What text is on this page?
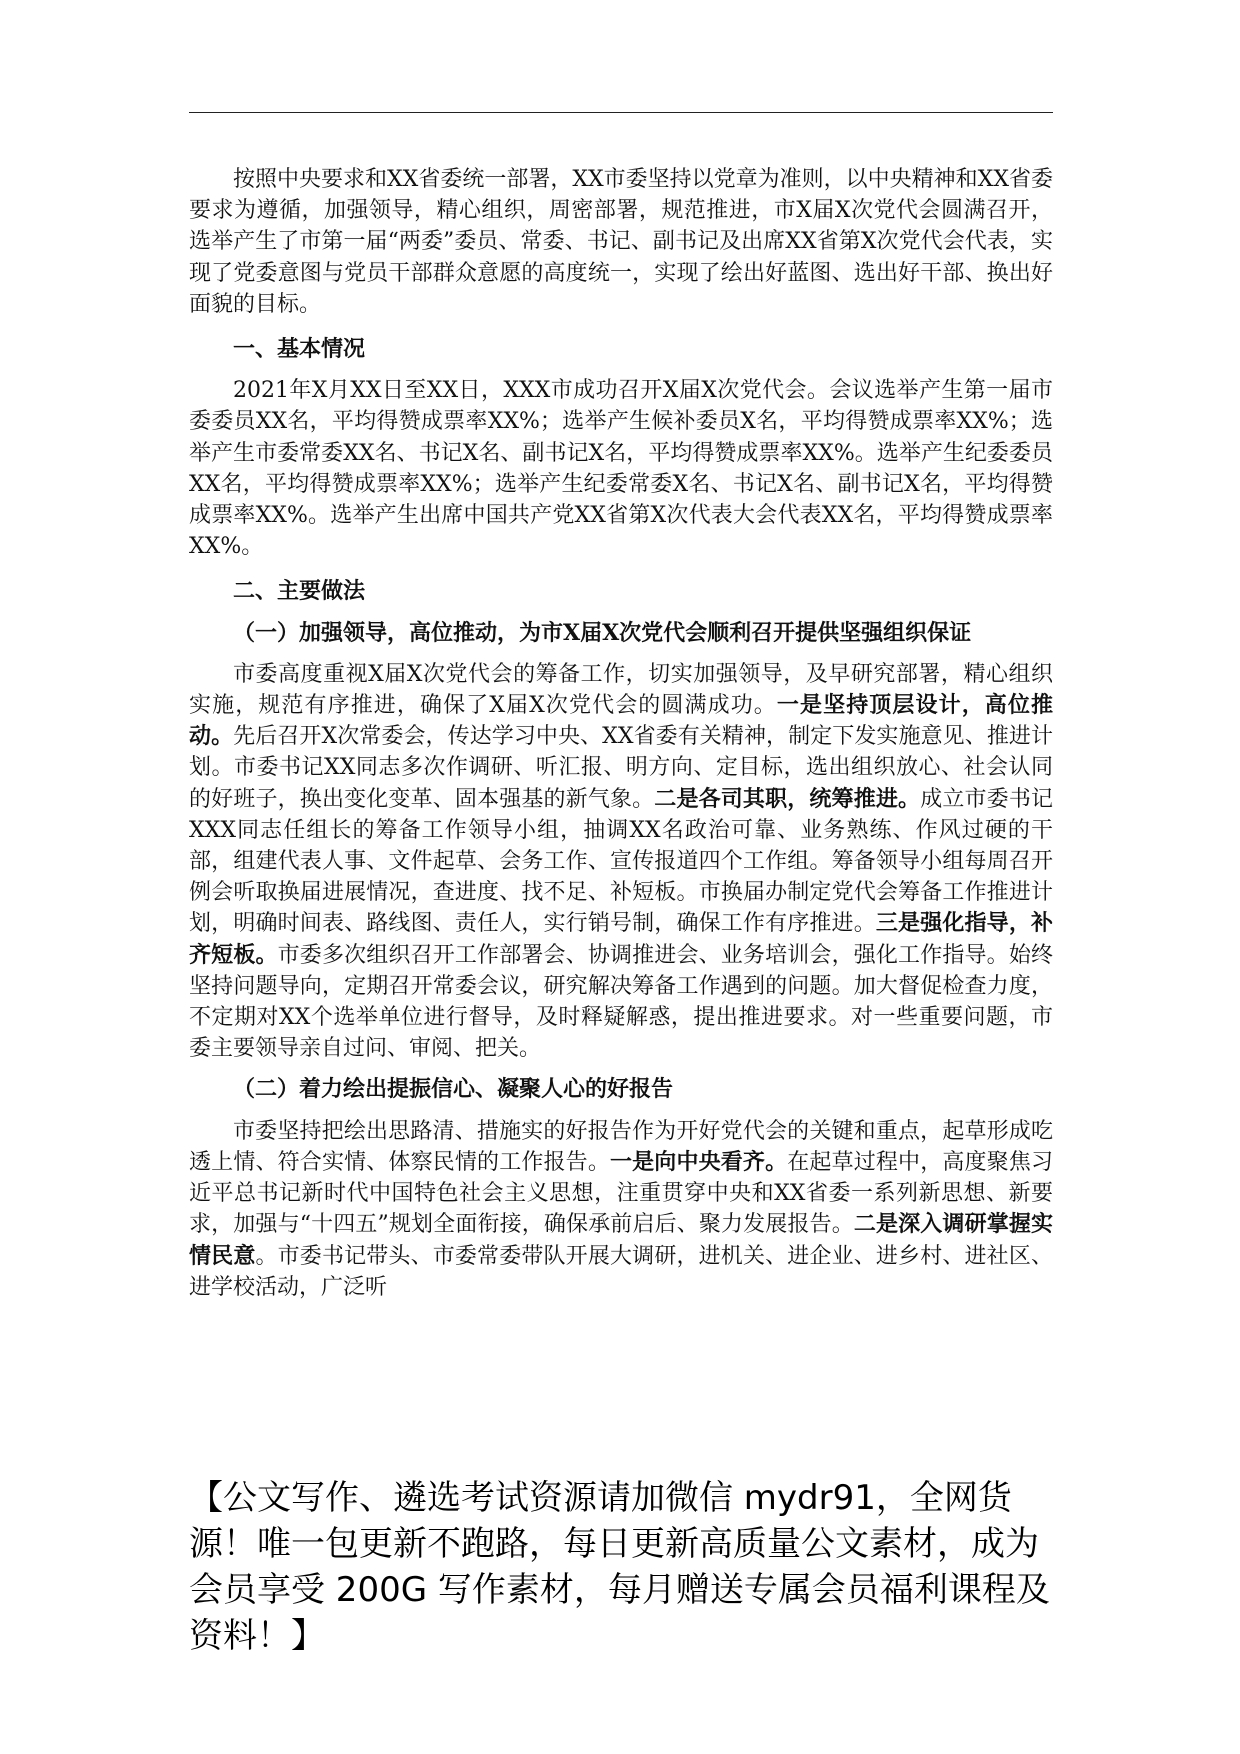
按照中央要求和XX省委统一部署，XX市委坚持以党章为准则，以中央精神和XX省委要求为遵循，加强领导，精心组织，周密部署，规范推进，市X届X次党代会圆满召开，选举产生了市第一届“两委”委员、常委、书记、副书记及出席XX省第X次党代会代表，实现了党委意图与党员干部群众意愿的高度统一，实现了绘出好蓝图、选出好干部、换出好面貌的目标。

一、基本情况

2021年X月XX日至XX日，XXX市成功召开X届X次党代会。会议选举产生第一届市委委员XX名，平均得赞成票率XX%；选举产生候补委员X名，平均得赞成票率XX%；选举产生市委常委XX名、书记X名、副书记X名，平均得赞成票率XX%。选举产生纪委委员XX名，平均得赞成票率XX%；选举产生纪委常委X名、书记X名、副书记X名，平均得赞成票率XX%。选举产生出席中国共产党XX省第X次代表大会代表XX名，平均得赞成票率XX%。

二、主要做法

（一）加强领导，高位推动，为市X届X次党代会顺利召开提供坚强组织保证

市委高度重视X届X次党代会的筹备工作，切实加强领导，及早研究部署，精心组织实施，规范有序推进，确保了X届X次党代会的圆满成功。一是坚持顶层设计，高位推动。先后召开X次常委会，传达学习中央、XX省委有关精神，制定下发实施意见、推进计划。市委书记XX同志多次作调研、听汇报、明方向、定目标，选出组织放心、社会认同的好班子，换出变化变革、固本强基的新气象。二是各司其职，统筹推进。成立市委书记XXX同志任组长的筹备工作领导小组，抽调XX名政治可靠、业务熟练、作风过硬的干部，组建代表人事、文件起草、会务工作、宣传报道四个工作组。筹备领导小组每周召开例会听取换届进展情况，查进度、找不足、补短板。市换届办制定党代会筹备工作推进计划，明确时间表、路线图、责任人，实行销号制，确保工作有序推进。三是强化指导，补齐短板。市委多次组织召开工作部署会、协调推进会、业务培训会，强化工作指导。始终坚持问题导向，定期召开常委会议，研究解决筹备工作遇到的问题。加大督促检查力度，不定期对XX个选举单位进行督导，及时释疑解惑，提出推进要求。对一些重要问题，市委主要领导亲自过问、审阅、把关。

（二）着力绘出提振信心、凝聚人心的好报告

市委坚持把绘出思路清、措施实的好报告作为开好党代会的关键和重点，起草形成吃透上情、符合实情、体察民情的工作报告。一是向中央看齐。在起草过程中，高度聚焦习近平总书记新时代中国特色社会主义思想，注重贯穿中央和XX省委一系列新思想、新要求，加强与“十四五”规划全面衔接，确保承前启后、聚力发展报告。二是深入调研掌握实情民意。市委书记带头、市委常委带队开展大调研，进机关、进企业、进乡村、进社区、进学校活动，广泛听

【公文写作、遴选考试资源请加微信 mydr91，全网货源！唯一包更新不跑路，每日更新高质量公文素材，成为会员享受 200G 写作素材，每月赠送专属会员福利课程及资料！】
